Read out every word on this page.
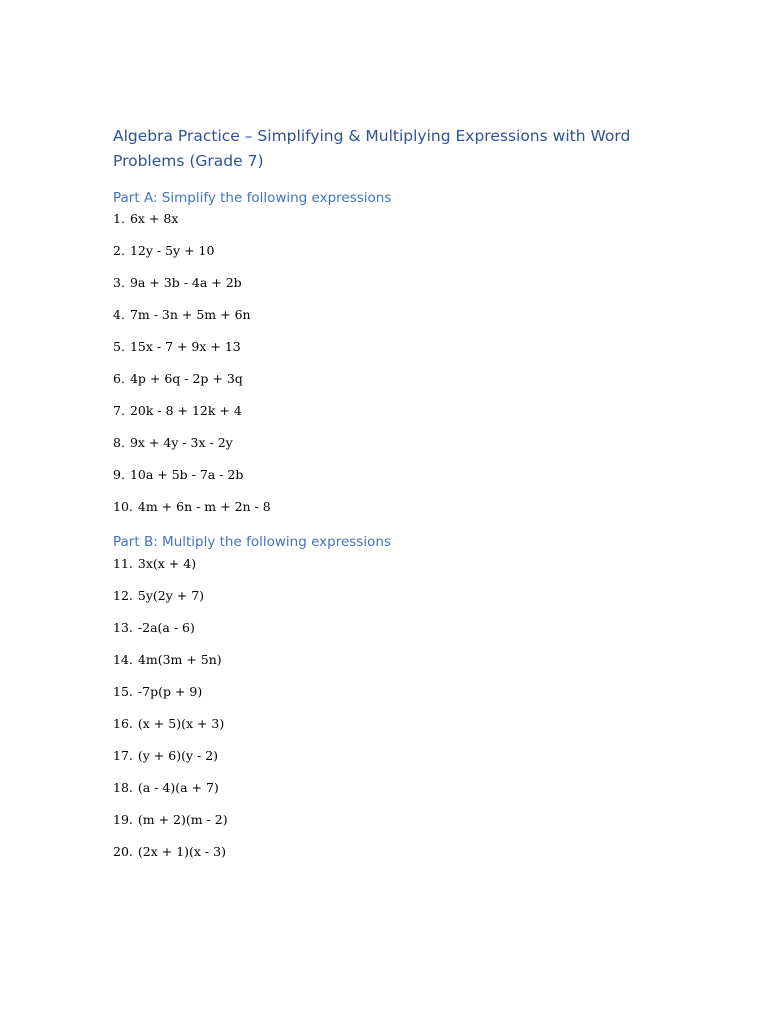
Algebra Practice – Simplifying & Multiplying Expressions with Word Problems (Grade 7)
Part A: Simplify the following expressions
1. 6x + 8x
2. 12y - 5y + 10
3. 9a + 3b - 4a + 2b
4. 7m - 3n + 5m + 6n
5. 15x - 7 + 9x + 13
6. 4p + 6q - 2p + 3q
7. 20k - 8 + 12k + 4
8. 9x + 4y - 3x - 2y
9. 10a + 5b - 7a - 2b
10. 4m + 6n - m + 2n - 8
Part B: Multiply the following expressions
11. 3x(x + 4)
12. 5y(2y + 7)
13. -2a(a - 6)
14. 4m(3m + 5n)
15. -7p(p + 9)
16. (x + 5)(x + 3)
17. (y + 6)(y - 2)
18. (a - 4)(a + 7)
19. (m + 2)(m - 2)
20. (2x + 1)(x - 3)
